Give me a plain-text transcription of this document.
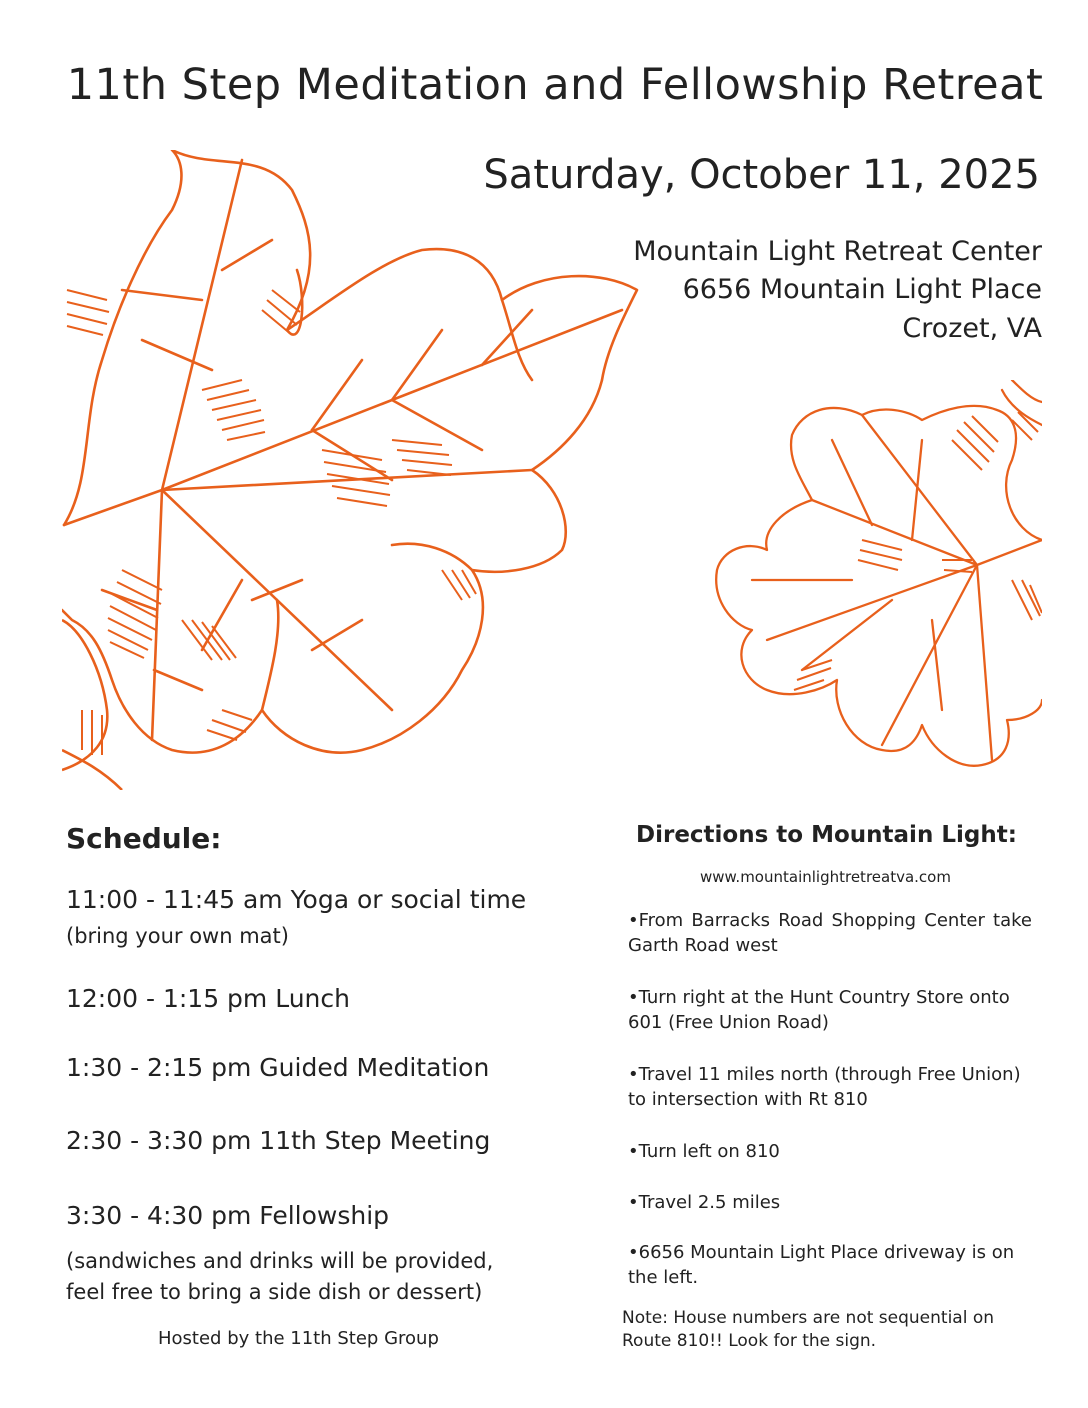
11th Step Meditation and Fellowship Retreat
Saturday, October 11, 2025
Mountain Light Retreat Center
6656 Mountain Light Place
Crozet, VA
Schedule:
11:00 - 11:45 am Yoga or social time
(bring your own mat)
12:00 - 1:15 pm Lunch
1:30 - 2:15 pm Guided Meditation
2:30 - 3:30 pm 11th Step Meeting
3:30 - 4:30 pm Fellowship
(sandwiches and drinks will be provided,
feel free to bring a side dish or dessert)
Hosted by the 11th Step Group
Directions to Mountain Light:
www.mountainlightretreatva.com
•From Barracks Road Shopping Center take Garth Road west
•Turn right at the Hunt Country Store onto 601 (Free Union Road)
•Travel 11 miles north (through Free Union) to intersection with Rt 810
•Turn left on 810
•Travel 2.5 miles
•6656 Mountain Light Place driveway is on the left.
Note: House numbers are not sequential on Route 810!! Look for the sign.
